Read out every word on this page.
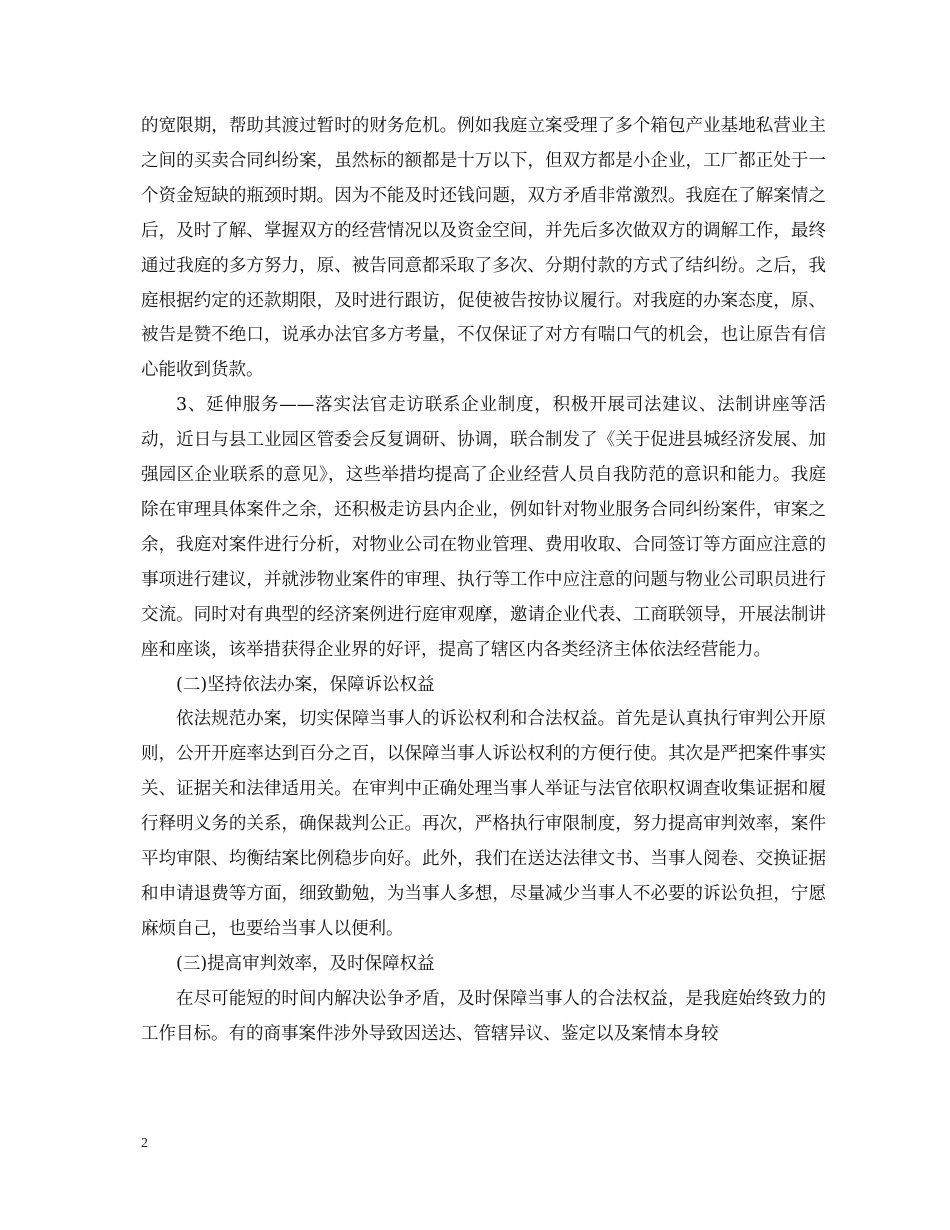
的宽限期，帮助其渡过暂时的财务危机。例如我庭立案受理了多个箱包产业基地私营业主之间的买卖合同纠纷案，虽然标的额都是十万以下，但双方都是小企业，工厂都正处于一个资金短缺的瓶颈时期。因为不能及时还钱问题，双方矛盾非常激烈。我庭在了解案情之后，及时了解、掌握双方的经营情况以及资金空间，并先后多次做双方的调解工作，最终通过我庭的多方努力，原、被告同意都采取了多次、分期付款的方式了结纠纷。之后，我庭根据约定的还款期限，及时进行跟访，促使被告按协议履行。对我庭的办案态度，原、被告是赞不绝口，说承办法官多方考量，不仅保证了对方有喘口气的机会，也让原告有信心能收到货款。

3、延伸服务——落实法官走访联系企业制度，积极开展司法建议、法制讲座等活动，近日与县工业园区管委会反复调研、协调，联合制发了《关于促进县城经济发展、加强园区企业联系的意见》，这些举措均提高了企业经营人员自我防范的意识和能力。我庭除在审理具体案件之余，还积极走访县内企业，例如针对物业服务合同纠纷案件，审案之余，我庭对案件进行分析，对物业公司在物业管理、费用收取、合同签订等方面应注意的事项进行建议，并就涉物业案件的审理、执行等工作中应注意的问题与物业公司职员进行交流。同时对有典型的经济案例进行庭审观摩，邀请企业代表、工商联领导，开展法制讲座和座谈，该举措获得企业界的好评，提高了辖区内各类经济主体依法经营能力。

(二)坚持依法办案，保障诉讼权益

依法规范办案，切实保障当事人的诉讼权利和合法权益。首先是认真执行审判公开原则，公开开庭率达到百分之百，以保障当事人诉讼权利的方便行使。其次是严把案件事实关、证据关和法律适用关。在审判中正确处理当事人举证与法官依职权调查收集证据和履行释明义务的关系，确保裁判公正。再次，严格执行审限制度，努力提高审判效率，案件平均审限、均衡结案比例稳步向好。此外，我们在送达法律文书、当事人阅卷、交换证据和申请退费等方面，细致勤勉，为当事人多想，尽量减少当事人不必要的诉讼负担，宁愿麻烦自己，也要给当事人以便利。

(三)提高审判效率，及时保障权益

在尽可能短的时间内解决讼争矛盾，及时保障当事人的合法权益，是我庭始终致力的工作目标。有的商事案件涉外导致因送达、管辖异议、鉴定以及案情本身较

2
